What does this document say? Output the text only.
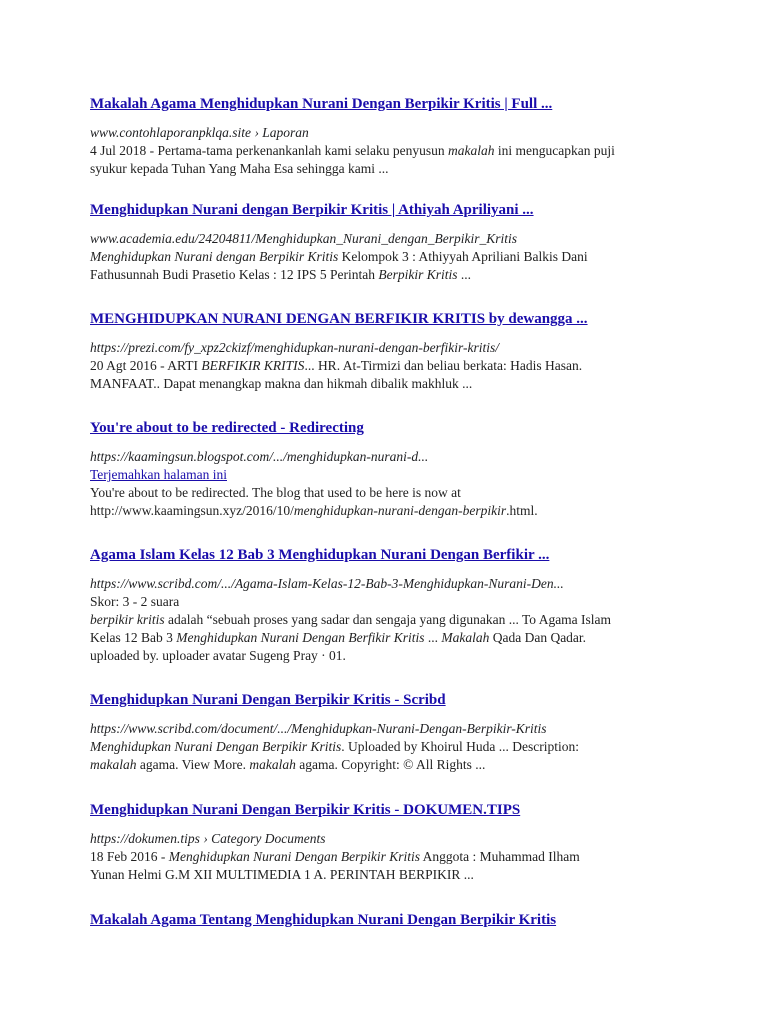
Makalah Agama Menghidupkan Nurani Dengan Berpikir Kritis | Full ...
www.contohlaporanpklqa.site › Laporan
4 Jul 2018 - Pertama-tama perkenankanlah kami selaku penyusun makalah ini mengucapkan puji
syukur kepada Tuhan Yang Maha Esa sehingga kami ...
Menghidupkan Nurani dengan Berpikir Kritis | Athiyah Apriliyani ...
www.academia.edu/24204811/Menghidupkan_Nurani_dengan_Berpikir_Kritis
Menghidupkan Nurani dengan Berpikir Kritis Kelompok 3 : Athiyyah Apriliani Balkis Dani
Fathusunnah Budi Prasetio Kelas : 12 IPS 5 Perintah Berpikir Kritis ...
MENGHIDUPKAN NURANI DENGAN BERFIKIR KRITIS by dewangga ...
https://prezi.com/fy_xpz2ckizf/menghidupkan-nurani-dengan-berfikir-kritis/
20 Agt 2016 - ARTI BERFIKIR KRITIS... HR. At-Tirmizi dan beliau berkata: Hadis Hasan.
MANFAAT.. Dapat menangkap makna dan hikmah dibalik makhluk ...
You're about to be redirected - Redirecting
https://kaamingsun.blogspot.com/.../menghidupkan-nurani-d...
Terjemahkan halaman ini
You're about to be redirected. The blog that used to be here is now at
http://www.kaamingsun.xyz/2016/10/menghidupkan-nurani-dengan-berpikir.html.
Agama Islam Kelas 12 Bab 3 Menghidupkan Nurani Dengan Berfikir ...
https://www.scribd.com/.../Agama-Islam-Kelas-12-Bab-3-Menghidupkan-Nurani-Den...
Skor: 3 - 2 suara
berpikir kritis adalah “sebuah proses yang sadar dan sengaja yang digunakan ... To Agama Islam
Kelas 12 Bab 3 Menghidupkan Nurani Dengan Berfikir Kritis ... Makalah Qada Dan Qadar.
uploaded by. uploader avatar Sugeng Pray · 01.
Menghidupkan Nurani Dengan Berpikir Kritis - Scribd
https://www.scribd.com/document/.../Menghidupkan-Nurani-Dengan-Berpikir-Kritis
Menghidupkan Nurani Dengan Berpikir Kritis. Uploaded by Khoirul Huda ... Description:
makalah agama. View More. makalah agama. Copyright: © All Rights ...
Menghidupkan Nurani Dengan Berpikir Kritis - DOKUMEN.TIPS
https://dokumen.tips › Category Documents
18 Feb 2016 - Menghidupkan Nurani Dengan Berpikir Kritis Anggota : Muhammad Ilham
Yunan Helmi G.M XII MULTIMEDIA 1 A. PERINTAH BERPIKIR ...
Makalah Agama Tentang Menghidupkan Nurani Dengan Berpikir Kritis
